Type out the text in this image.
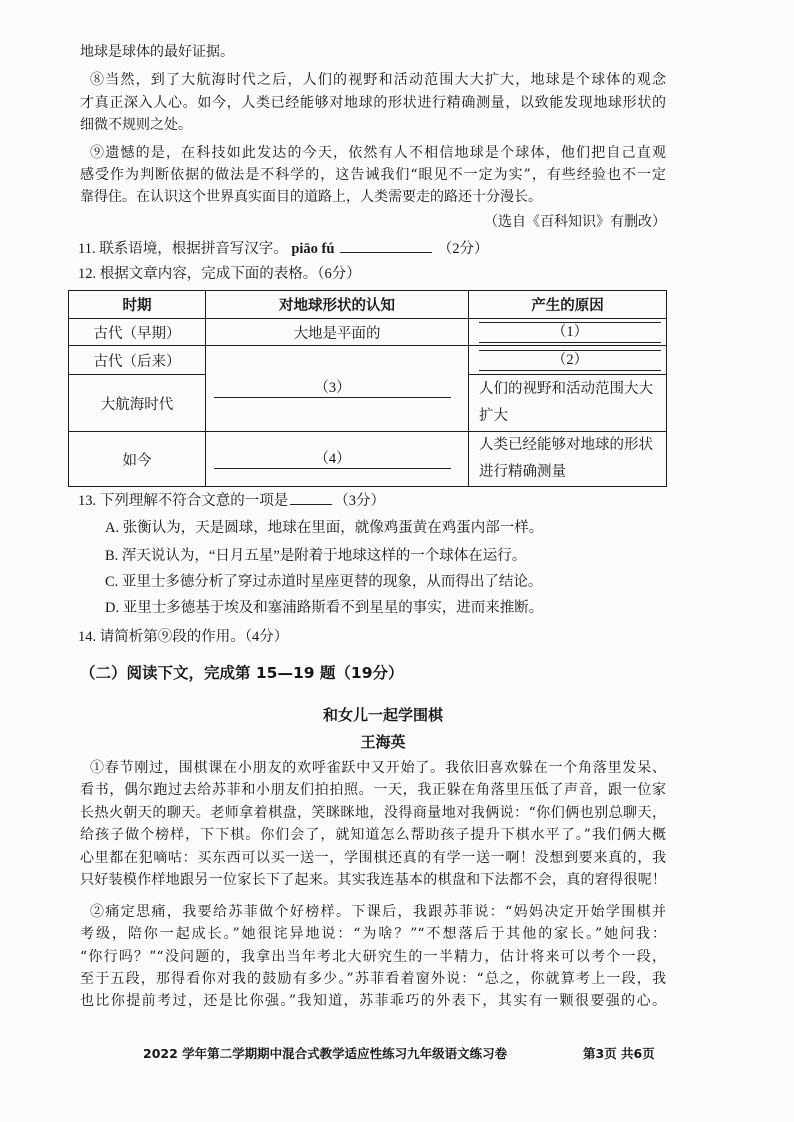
地球是球体的最好证据。
⑧当然，到了大航海时代之后，人们的视野和活动范围大大扩大，地球是个球体的观念
才真正深入人心。如今，人类已经能够对地球的形状进行精确测量，以致能发现地球形状的
细微不规则之处。
⑨遗憾的是，在科技如此发达的今天，依然有人不相信地球是个球体，他们把自己直观
感受作为判断依据的做法是不科学的，这告诫我们“眼见不一定为实”，有些经验也不一定
靠得住。在认识这个世界真实面目的道路上，人类需要走的路还十分漫长。
（选自《百科知识》有删改）
11. 联系语境，根据拼音写汉字。 piāo fú	（2分）
12. 根据文章内容，完成下面的表格。（6分）
时期	对地球形状的认知	产生的原因
古代（早期）	大地是平面的	（1）

古代（后来）	（3）	（2）

大航海时代		人们的视野和活动范围大大扩大

如今	（4）	人类已经能够对地球的形状进行精确测量
13. 下列理解不符合文意的一项是	（3分）
A. 张衡认为，天是圆球，地球在里面，就像鸡蛋黄在鸡蛋内部一样。
B. 浑天说认为，“日月五星”是附着于地球这样的一个球体在运行。
C. 亚里士多德分析了穿过赤道时星座更替的现象，从而得出了结论。
D. 亚里士多德基于埃及和塞浦路斯看不到星星的事实，进而来推断。
14. 请简析第⑨段的作用。（4分）
（二）阅读下文，完成第 15—19 题（19分）
和女儿一起学围棋
王海英
①春节刚过，围棋课在小朋友的欢呼雀跃中又开始了。我依旧喜欢躲在一个角落里发呆、
看书，偶尔跑过去给苏菲和小朋友们拍拍照。一天，我正躲在角落里压低了声音，跟一位家
长热火朝天的聊天。老师拿着棋盘，笑眯眯地，没得商量地对我俩说：“你们俩也别总聊天，
给孩子做个榜样，下下棋。你们会了，就知道怎么帮助孩子提升下棋水平了。”我们俩大概
心里都在犯嘀咕：买东西可以买一送一，学围棋还真的有学一送一啊！没想到要来真的，我
只好装模作样地跟另一位家长下了起来。其实我连基本的棋盘和下法都不会，真的窘得很呢！
②痛定思痛，我要给苏菲做个好榜样。下课后，我跟苏菲说：“妈妈决定开始学围棋并
考级，陪你一起成长。”她很诧异地说：“为啥？”“不想落后于其他的家长。”她问我：
“你行吗？”“没问题的，我拿出当年考北大研究生的一半精力，估计将来可以考个一段，
至于五段，那得看你对我的鼓励有多少。”苏菲看着窗外说：“总之，你就算考上一段，我
也比你提前考过，还是比你强。”我知道，苏菲乖巧的外表下，其实有一颗很要强的心。
2022 学年第二学期期中混合式教学适应性练习九年级语文练习卷	第3页 共6页
